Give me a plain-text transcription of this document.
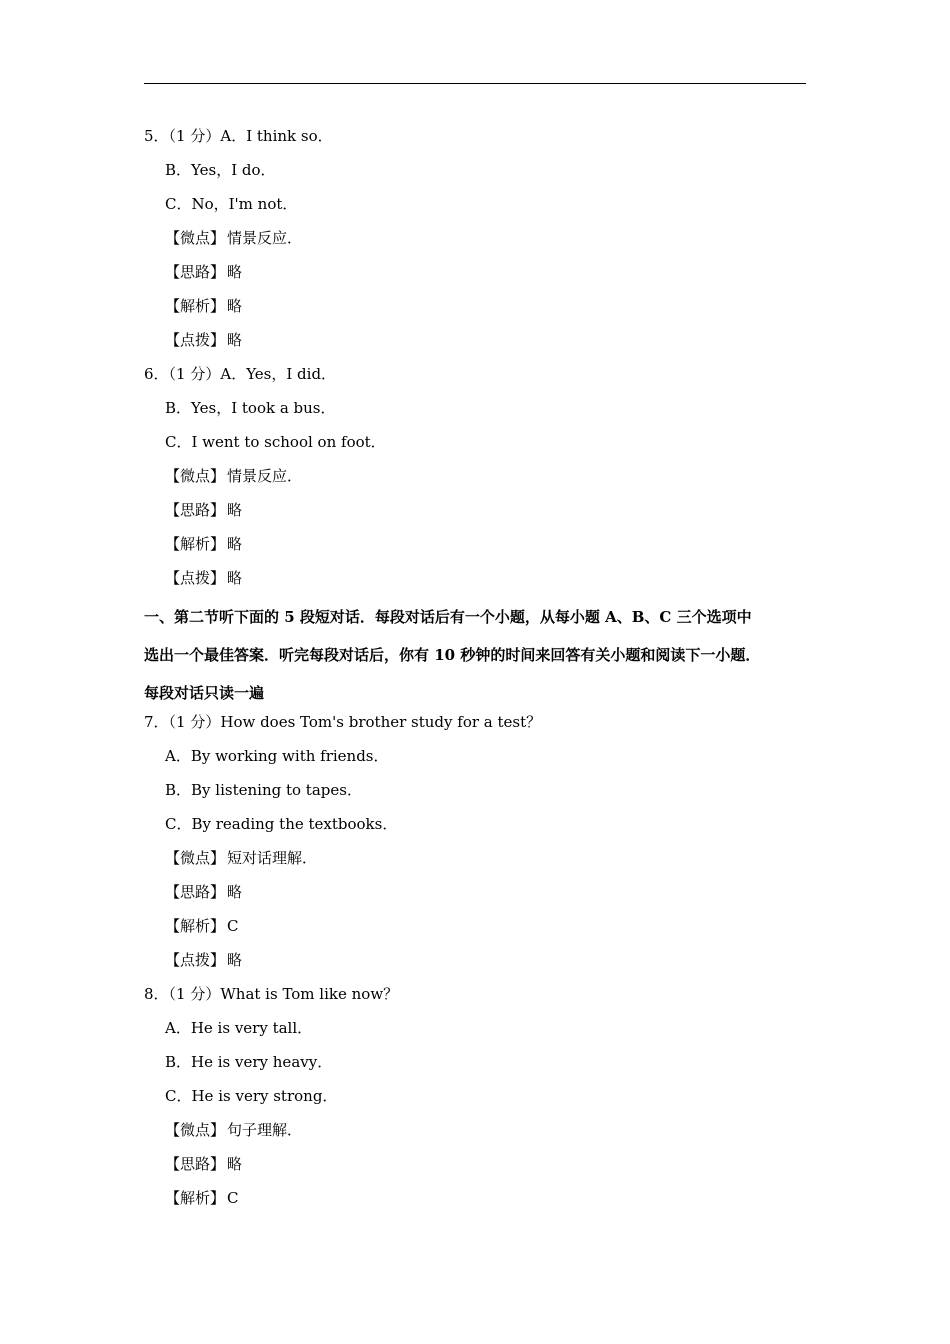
5．（1 分）A．I think so．
B．Yes，I do．
C．No，I'm not．
【微点】 情景反应．
【思路】 略
【解析】 略
【点拨】 略
6．（1 分）A．Yes，I did．
B．Yes，I took a bus．
C．I went to school on foot．
【微点】 情景反应．
【思路】 略
【解析】 略
【点拨】 略
一、第二节听下面的 5 段短对话．每段对话后有一个小题，从每小题 A、B、C 三个选项中
选出一个最佳答案．听完每段对话后，你有 10 秒钟的时间来回答有关小题和阅读下一小题．
每段对话只读一遍
7．（1 分）How does Tom's brother study for a test？
A．By working with friends．
B．By listening to tapes．
C．By reading the textbooks．
【微点】 短对话理解．
【思路】 略
【解析】 C
【点拨】 略
8．（1 分）What is Tom like now？
A．He is very tall．
B．He is very heavy．
C．He is very strong．
【微点】 句子理解．
【思路】 略
【解析】 C
